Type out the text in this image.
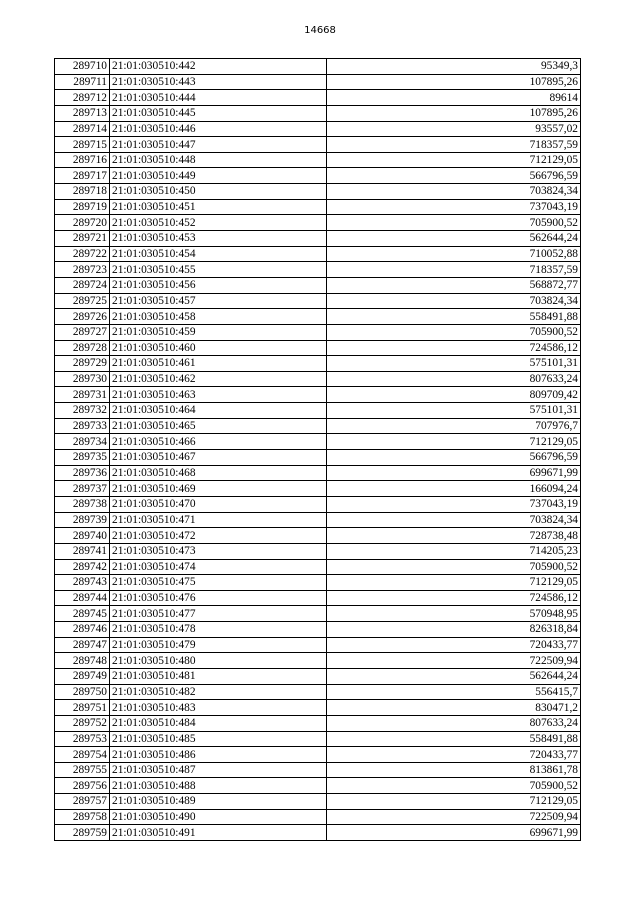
14668
289710	21:01:030510:442	95349,3
289711	21:01:030510:443	107895,26
289712	21:01:030510:444	89614
289713	21:01:030510:445	107895,26
289714	21:01:030510:446	93557,02
289715	21:01:030510:447	718357,59
289716	21:01:030510:448	712129,05
289717	21:01:030510:449	566796,59
289718	21:01:030510:450	703824,34
289719	21:01:030510:451	737043,19
289720	21:01:030510:452	705900,52
289721	21:01:030510:453	562644,24
289722	21:01:030510:454	710052,88
289723	21:01:030510:455	718357,59
289724	21:01:030510:456	568872,77
289725	21:01:030510:457	703824,34
289726	21:01:030510:458	558491,88
289727	21:01:030510:459	705900,52
289728	21:01:030510:460	724586,12
289729	21:01:030510:461	575101,31
289730	21:01:030510:462	807633,24
289731	21:01:030510:463	809709,42
289732	21:01:030510:464	575101,31
289733	21:01:030510:465	707976,7
289734	21:01:030510:466	712129,05
289735	21:01:030510:467	566796,59
289736	21:01:030510:468	699671,99
289737	21:01:030510:469	166094,24
289738	21:01:030510:470	737043,19
289739	21:01:030510:471	703824,34
289740	21:01:030510:472	728738,48
289741	21:01:030510:473	714205,23
289742	21:01:030510:474	705900,52
289743	21:01:030510:475	712129,05
289744	21:01:030510:476	724586,12
289745	21:01:030510:477	570948,95
289746	21:01:030510:478	826318,84
289747	21:01:030510:479	720433,77
289748	21:01:030510:480	722509,94
289749	21:01:030510:481	562644,24
289750	21:01:030510:482	556415,7
289751	21:01:030510:483	830471,2
289752	21:01:030510:484	807633,24
289753	21:01:030510:485	558491,88
289754	21:01:030510:486	720433,77
289755	21:01:030510:487	813861,78
289756	21:01:030510:488	705900,52
289757	21:01:030510:489	712129,05
289758	21:01:030510:490	722509,94
289759	21:01:030510:491	699671,99
